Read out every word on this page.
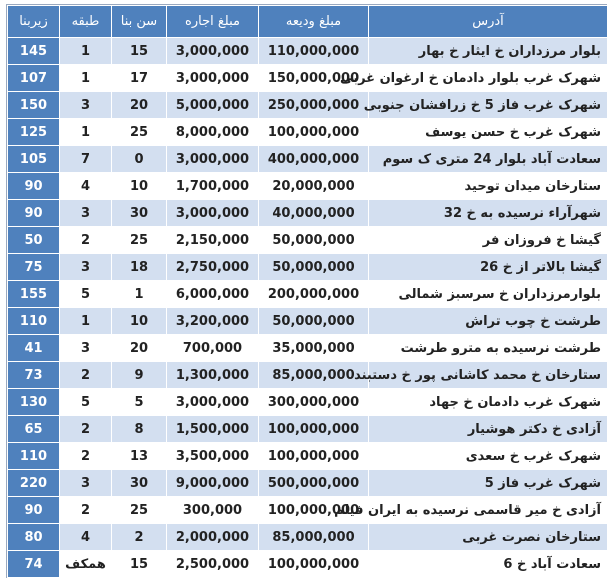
زیربنا	طبقه	سن بنا	مبلغ اجاره	مبلغ ودیعه	آدرس
145	1	15	3,000,000	110,000,000	بلوار مرزداران خ ایثار خ بهار
107	1	17	3,000,000	150,000,000	شهرک غرب بلوار دادمان خ ارغوان غربی
150	3	20	5,000,000	250,000,000	شهرک غرب فاز 5 خ زرافشان جنوبی
125	1	25	8,000,000	100,000,000	شهرک غرب خ حسن یوسف
105	7	0	3,000,000	400,000,000	سعادت آباد بلوار 24 متری ک سوم
90	4	10	1,700,000	20,000,000	ستارخان میدان توحید
90	3	30	3,000,000	40,000,000	شهرآراء نرسیده به خ 32
50	2	25	2,150,000	50,000,000	گیشا خ فروزان فر
75	3	18	2,750,000	50,000,000	گیشا بالاتر از خ 26
155	5	1	6,000,000	200,000,000	بلوارمرزداران خ سرسبز شمالی
110	1	10	3,200,000	50,000,000	طرشت خ چوب تراش
41	3	20	700,000	35,000,000	طرشت نرسیده به مترو طرشت
73	2	9	1,300,000	85,000,000	ستارخان خ محمد کاشانی پور خ دستبند
130	5	5	3,000,000	300,000,000	شهرک غرب دادمان خ جهاد
65	2	8	1,500,000	100,000,000	آزادی خ دکتر هوشیار
110	2	13	3,500,000	100,000,000	شهرک غرب خ سعدی
220	3	30	9,000,000	500,000,000	شهرک غرب فاز 5
90	2	25	300,000	100,000,000	آزادی خ میر قاسمی نرسیده به ایران فیلم
80	4	2	2,000,000	85,000,000	ستارخان نصرت غربی
74	همکف	15	2,500,000	100,000,000	سعادت آباد خ 6
